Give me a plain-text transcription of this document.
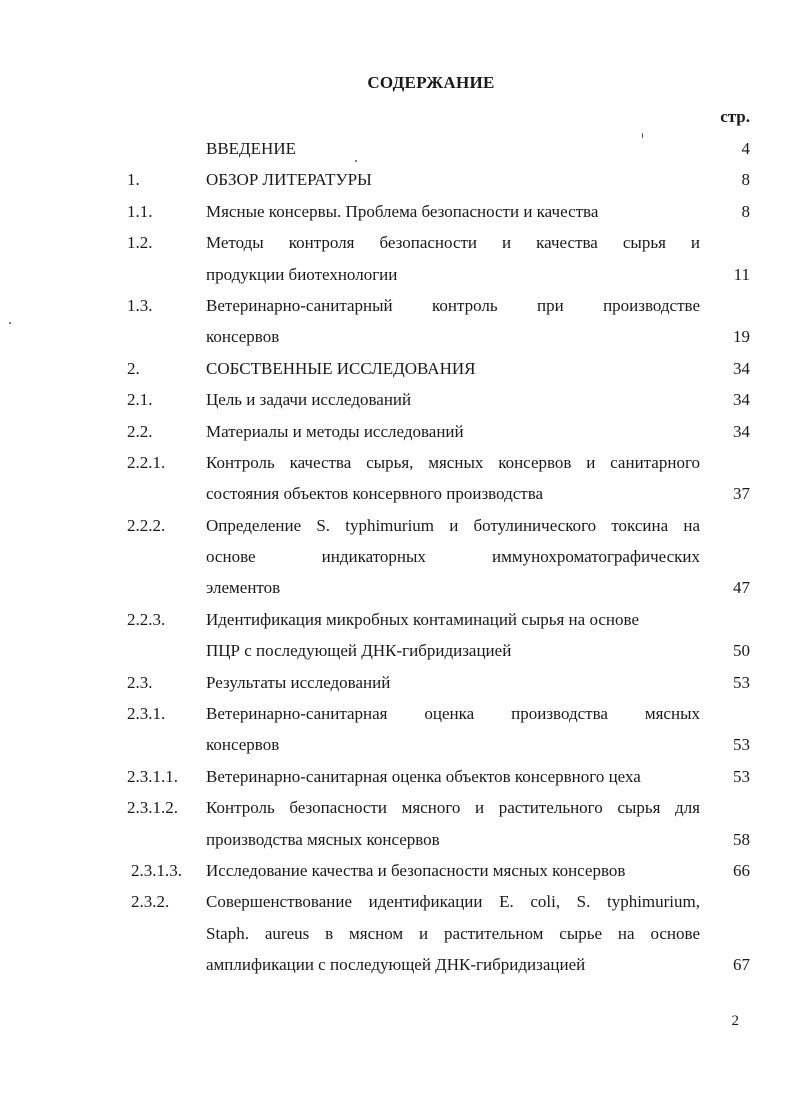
СОДЕРЖАНИЕ
стр.
ВВЕДЕНИЕ	4
1.	ОБЗОР ЛИТЕРАТУРЫ	8
1.1.	Мясные консервы. Проблема безопасности и качества	8
1.2.	Методы контроля безопасности и качества сырья и
продукции биотехнологии	11
1.3.	Ветеринарно-санитарный контроль при производстве
консервов	19
2.	СОБСТВЕННЫЕ ИССЛЕДОВАНИЯ	34
2.1.	Цель и задачи исследований	34
2.2.	Материалы и методы исследований	34
2.2.1. Контроль качества сырья, мясных консервов и санитарного
состояния объектов консервного производства	37
2.2.2. Определение S. typhimurium и ботулинического токсина на
основе индикаторных иммунохроматографических
элементов	47
2.2.3. Идентификация микробных контаминаций сырья на основе
ПЦР с последующей ДНК-гибридизацией	50
2.3.	Результаты исследований	53
2.3.1. Ветеринарно-санитарная оценка производства мясных
консервов	53
2.3.1.1. Ветеринарно-санитарная оценка объектов консервного цеха	53
2.3.1.2. Контроль безопасности мясного и растительного сырья для
производства мясных консервов	58
2.3.1.3. Исследование качества и безопасности мясных консервов	66
2.3.2. Совершенствование идентификации E. coli, S. typhimurium,
Staph. aureus в мясном и растительном сырье на основе
амплификации с последующей ДНК-гибридизацией	67
2
